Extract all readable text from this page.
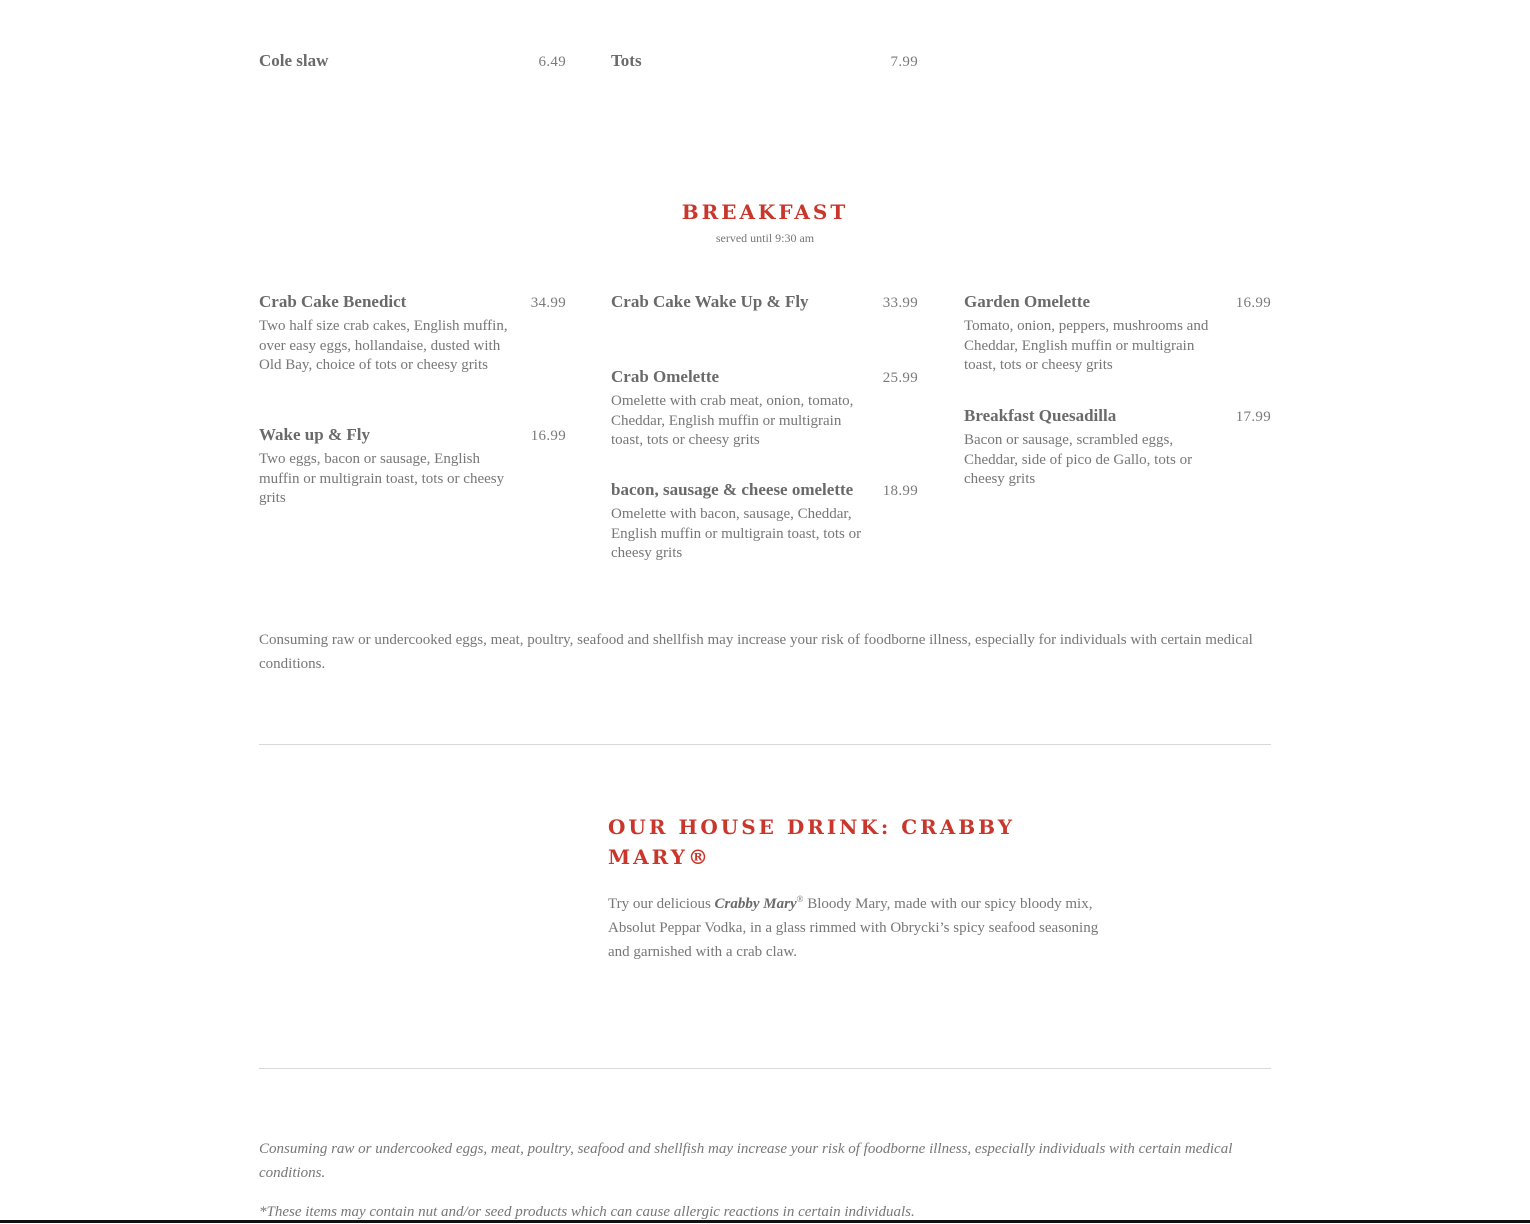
Cole slaw	6.49	Tots	7.99
BREAKFAST
served until 9:30 am
Crab Cake Benedict	34.99
Two half size crab cakes, English muffin, over easy eggs, hollandaise, dusted with Old Bay, choice of tots or cheesy grits
Wake up & Fly	16.99
Two eggs, bacon or sausage, English muffin or multigrain toast, tots or cheesy grits
Crab Cake Wake Up & Fly	33.99
Crab Omelette	25.99
Omelette with crab meat, onion, tomato, Cheddar, English muffin or multigrain toast, tots or cheesy grits
bacon, sausage & cheese omelette 18.99
Omelette with bacon, sausage, Cheddar, English muffin or multigrain toast, tots or cheesy grits
Garden Omelette	16.99
Tomato, onion, peppers, mushrooms and Cheddar, English muffin or multigrain toast, tots or cheesy grits
Breakfast Quesadilla	17.99
Bacon or sausage, scrambled eggs, Cheddar, side of pico de Gallo, tots or cheesy grits
Consuming raw or undercooked eggs, meat, poultry, seafood and shellfish may increase your risk of foodborne illness, especially for individuals with certain medical conditions.
OUR HOUSE DRINK: CRABBY MARY®
Try our delicious Crabby Mary® Bloody Mary, made with our spicy bloody mix, Absolut Peppar Vodka, in a glass rimmed with Obrycki’s spicy seafood seasoning and garnished with a crab claw.
Consuming raw or undercooked eggs, meat, poultry, seafood and shellfish may increase your risk of foodborne illness, especially individuals with certain medical conditions.
*These items may contain nut and/or seed products which can cause allergic reactions in certain individuals.
